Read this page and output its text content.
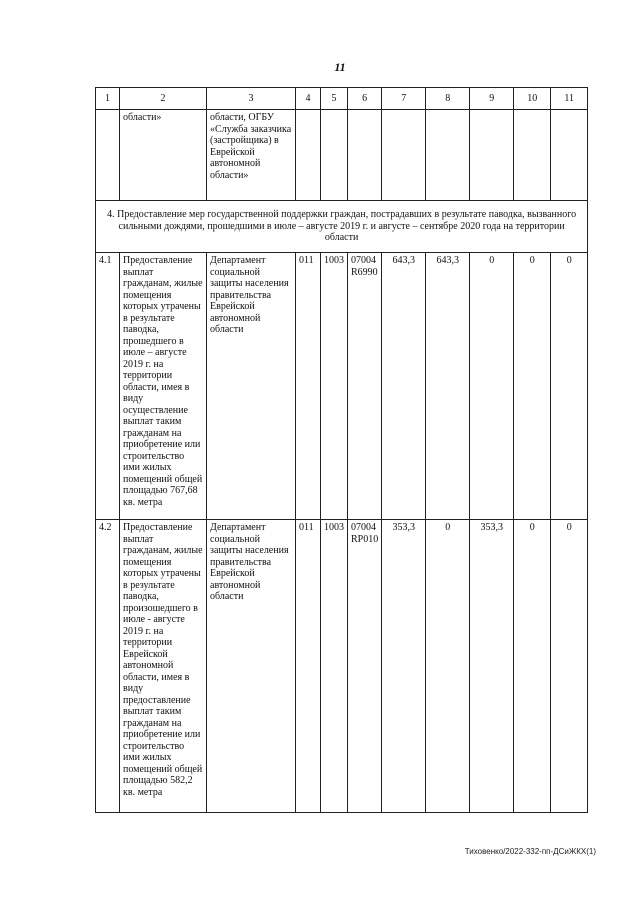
11
1	2	3	4	5	6	7	8	9	10	11
	области»	области, ОГБУ «Служба заказчика (застройщика) в Еврейской автономной области»								
4. Предоставление мер государственной поддержки граждан, пострадавших в результате паводка, вызванного сильными дождями, прошедшими в июле – августе 2019 г. и августе – сентябре 2020 года на территории области										
4.1	Предоставление выплат гражданам, жилые помещения которых утрачены в результате паводка, прошедшего в июле – августе 2019 г. на территории области, имея в виду осуществление выплат таким гражданам на приобретение или строительство ими жилых помещений общей площадью 767,68 кв. метра	Департамент социальной защиты населения правительства Еврейской автономной области	011	1003	07004 R6990	643,3	643,3	0	0	0
4.2	Предоставление выплат гражданам, жилые помещения которых утрачены в результате паводка, произошедшего в июле - августе 2019 г. на территории Еврейской автономной области, имея в виду предоставление выплат таким гражданам на приобретение или строительство ими жилых помещений общей площадью 582,2 кв. метра	Департамент социальной защиты населения правительства Еврейской автономной области	011	1003	07004 RP010	353,3	0	353,3	0	0
Тиховенко/2022-332-пп-ДСиЖКХ(1)
